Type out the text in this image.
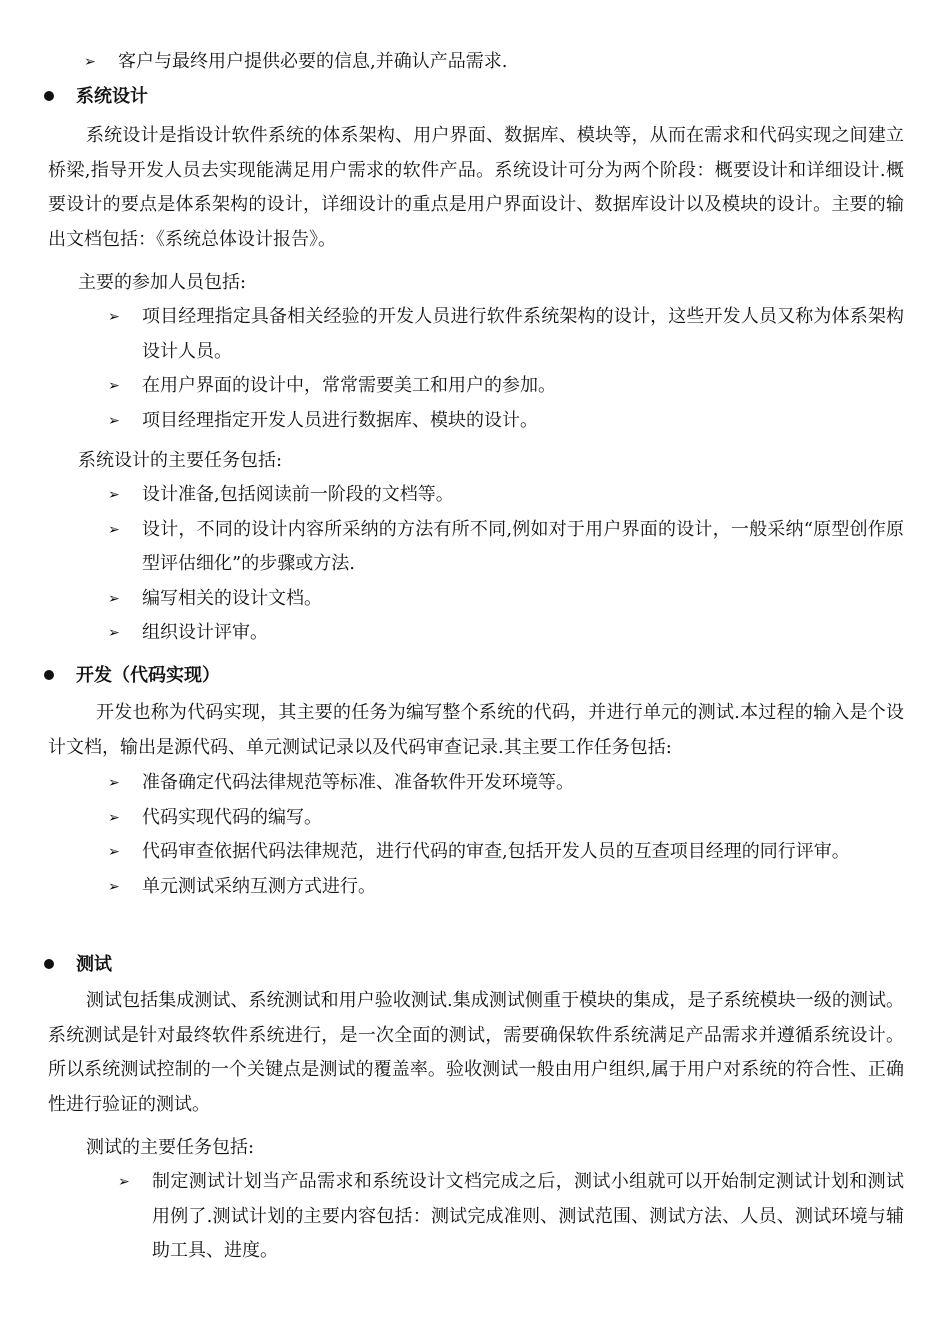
➢	客户与最终用户提供必要的信息,并确认产品需求.
系统设计
系统设计是指设计软件系统的体系架构、用户界面、数据库、模块等，从而在需求和代码实现之间建立桥梁,指导开发人员去实现能满足用户需求的软件产品。系统设计可分为两个阶段：概要设计和详细设计.概要设计的要点是体系架构的设计，详细设计的重点是用户界面设计、数据库设计以及模块的设计。主要的输出文档包括：《系统总体设计报告》。
主要的参加人员包括:
➢	项目经理指定具备相关经验的开发人员进行软件系统架构的设计，这些开发人员又称为体系架构设计人员。
➢	在用户界面的设计中，常常需要美工和用户的参加。
➢	项目经理指定开发人员进行数据库、模块的设计。
系统设计的主要任务包括:
➢	设计准备,包括阅读前一阶段的文档等。
➢	设计，不同的设计内容所采纳的方法有所不同,例如对于用户界面的设计，一般采纳“原型创作原型评估细化”的步骤或方法.
➢	编写相关的设计文档。
➢	组织设计评审。
开发（代码实现）
开发也称为代码实现，其主要的任务为编写整个系统的代码，并进行单元的测试.本过程的输入是个设计文档，输出是源代码、单元测试记录以及代码审查记录.其主要工作任务包括:
➢	准备确定代码法律规范等标准、准备软件开发环境等。
➢	代码实现代码的编写。
➢	代码审查依据代码法律规范，进行代码的审查,包括开发人员的互查项目经理的同行评审。
➢	单元测试采纳互测方式进行。
测试
测试包括集成测试、系统测试和用户验收测试.集成测试侧重于模块的集成，是子系统模块一级的测试。系统测试是针对最终软件系统进行，是一次全面的测试，需要确保软件系统满足产品需求并遵循系统设计。所以系统测试控制的一个关键点是测试的覆盖率。验收测试一般由用户组织,属于用户对系统的符合性、正确性进行验证的测试。
测试的主要任务包括:
➢	制定测试计划当产品需求和系统设计文档完成之后，测试小组就可以开始制定测试计划和测试用例了.测试计划的主要内容包括：测试完成准则、测试范围、测试方法、人员、测试环境与辅助工具、进度。
